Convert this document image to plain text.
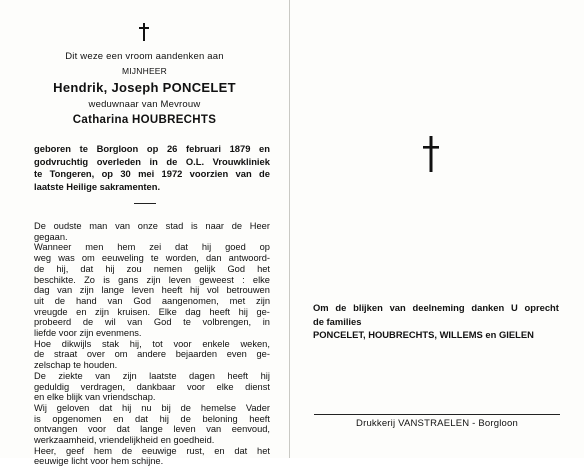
Dit weze een vroom aandenken aan
MIJNHEER
Hendrik, Joseph PONCELET
weduwnaar van Mevrouw
Catharina HOUBRECHTS
geboren te Borgloon op 26 februari 1879 en
godvruchtig overleden in de O.L. Vrouwkliniek
te Tongeren, op 30 mei 1972 voorzien van de
laatste Heilige sakramenten.
De oudste man van onze stad is naar de Heer
gegaan.
Wanneer men hem zei dat hij goed op
weg was om eeuweling te worden, dan antwoord-
de hij, dat hij zou nemen gelijk God het
beschikte. Zo is gans zijn leven geweest : elke
dag van zijn lange leven heeft hij vol betrouwen
uit de hand van God aangenomen, met zijn
vreugde en zijn kruisen. Elke dag heeft hij ge-
probeerd de wil van God te volbrengen, in
liefde voor zijn evenmens.
Hoe dikwijls stak hij, tot voor enkele weken,
de straat over om andere bejaarden even ge-
zelschap te houden.
De ziekte van zijn laatste dagen heeft hij
geduldig verdragen, dankbaar voor elke dienst
en elke blijk van vriendschap.
Wij geloven dat hij nu bij de hemelse Vader
is opgenomen en dat hij de beloning heeft
ontvangen voor dat lange leven van eenvoud,
werkzaamheid, vriendelijkheid en goedheid.
Heer, geef hem de eeuwige rust, en dat het
eeuwige licht voor hem schijne.
Om de blijken van deelneming danken U oprecht
de families
PONCELET, HOUBRECHTS, WILLEMS en GIELEN
Drukkerij VANSTRAELEN - Borgloon
